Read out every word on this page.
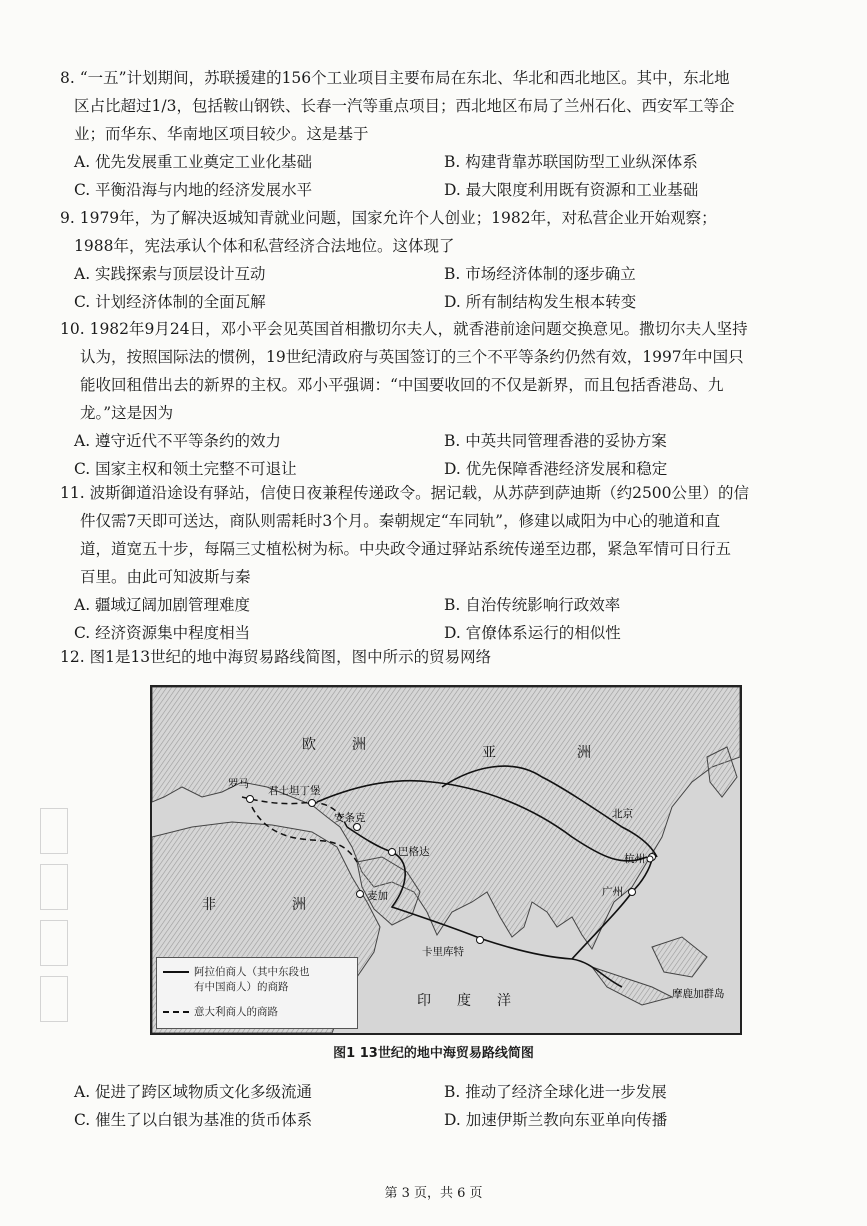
8. “一五”计划期间，苏联援建的156个工业项目主要布局在东北、华北和西北地区。其中，东北地

区占比超过1/3，包括鞍山钢铁、长春一汽等重点项目；西北地区布局了兰州石化、西安军工等企

业；而华东、华南地区项目较少。这是基于

A. 优先发展重工业奠定工业化基础	B. 构建背靠苏联国防型工业纵深体系
C. 平衡沿海与内地的经济发展水平	D. 最大限度利用既有资源和工业基础

9. 1979年，为了解决返城知青就业问题，国家允许个人创业；1982年，对私营企业开始观察；

1988年，宪法承认个体和私营经济合法地位。这体现了

A. 实践探索与顶层设计互动	B. 市场经济体制的逐步确立
C. 计划经济体制的全面瓦解	D. 所有制结构发生根本转变

10. 1982年9月24日，邓小平会见英国首相撒切尔夫人，就香港前途问题交换意见。撒切尔夫人坚持

认为，按照国际法的惯例，19世纪清政府与英国签订的三个不平等条约仍然有效，1997年中国只

能收回租借出去的新界的主权。邓小平强调：“中国要收回的不仅是新界，而且包括香港岛、九

龙。”这是因为

A. 遵守近代不平等条约的效力	B. 中英共同管理香港的妥协方案
C. 国家主权和领土完整不可退让	D. 优先保障香港经济发展和稳定

11. 波斯御道沿途设有驿站，信使日夜兼程传递政令。据记载，从苏萨到萨迪斯（约2500公里）的信

件仅需7天即可送达，商队则需耗时3个月。秦朝规定“车同轨”，修建以咸阳为中心的驰道和直

道，道宽五十步，每隔三丈植松树为标。中央政令通过驿站系统传递至边郡，紧急军情可日行五

百里。由此可知波斯与秦

A. 疆域辽阔加剧管理难度	B. 自治传统影响行政效率
C. 经济资源集中程度相当	D. 官僚体系运行的相似性

12. 图1是13世纪的地中海贸易路线简图，图中所示的贸易网络

欧	洲	亚	洲
非	洲
印 度 洋
罗马
君士坦丁堡
安条克
巴格达
麦加
卡里库特
北京
杭州
广州
摩鹿加群岛
阿拉伯商人（其中东段也
有中国商人）的商路
意大利商人的商路
图1 13世纪的地中海贸易路线简图
A. 促进了跨区域物质文化多级流通	B. 推动了经济全球化进一步发展
C. 催生了以白银为基准的货币体系	D. 加速伊斯兰教向东亚单向传播
第 3 页，共 6 页
